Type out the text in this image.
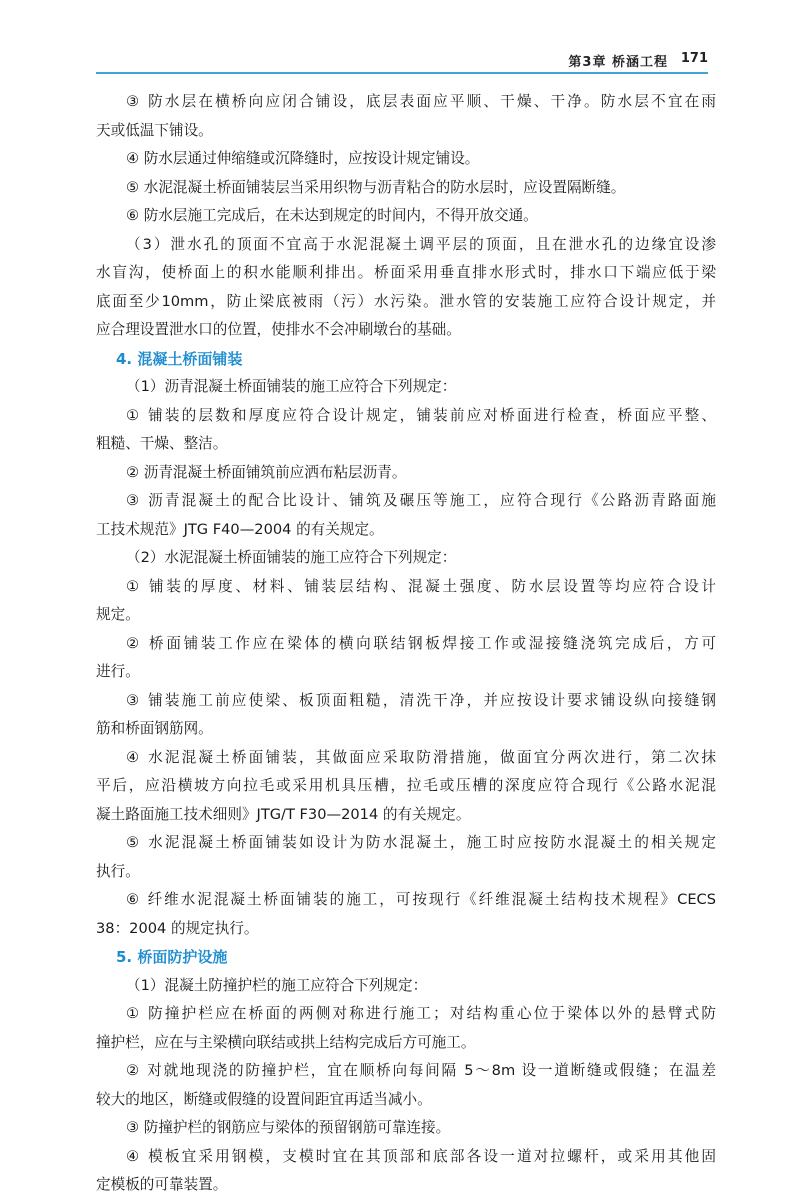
第3章 桥涵工程 171
③ 防水层在横桥向应闭合铺设，底层表面应平顺、干燥、干净。防水层不宜在雨
天或低温下铺设。
④ 防水层通过伸缩缝或沉降缝时，应按设计规定铺设。
⑤ 水泥混凝土桥面铺装层当采用织物与沥青粘合的防水层时，应设置隔断缝。
⑥ 防水层施工完成后，在未达到规定的时间内，不得开放交通。
（3）泄水孔的顶面不宜高于水泥混凝土调平层的顶面，且在泄水孔的边缘宜设渗
水盲沟，使桥面上的积水能顺利排出。桥面采用垂直排水形式时，排水口下端应低于梁
底面至少10mm，防止梁底被雨（污）水污染。泄水管的安装施工应符合设计规定，并
应合理设置泄水口的位置，使排水不会冲刷墩台的基础。
4. 混凝土桥面铺装
（1）沥青混凝土桥面铺装的施工应符合下列规定：
① 铺装的层数和厚度应符合设计规定，铺装前应对桥面进行检查，桥面应平整、
粗糙、干燥、整洁。
② 沥青混凝土桥面铺筑前应洒布粘层沥青。
③ 沥青混凝土的配合比设计、铺筑及碾压等施工，应符合现行《公路沥青路面施
工技术规范》JTG F40—2004 的有关规定。
（2）水泥混凝土桥面铺装的施工应符合下列规定：
① 铺装的厚度、材料、铺装层结构、混凝土强度、防水层设置等均应符合设计
规定。
② 桥面铺装工作应在梁体的横向联结钢板焊接工作或湿接缝浇筑完成后，方可
进行。
③ 铺装施工前应使梁、板顶面粗糙，清洗干净，并应按设计要求铺设纵向接缝钢
筋和桥面钢筋网。
④ 水泥混凝土桥面铺装，其做面应采取防滑措施，做面宜分两次进行，第二次抹
平后，应沿横坡方向拉毛或采用机具压槽，拉毛或压槽的深度应符合现行《公路水泥混
凝土路面施工技术细则》JTG/T F30—2014 的有关规定。
⑤ 水泥混凝土桥面铺装如设计为防水混凝土，施工时应按防水混凝土的相关规定
执行。
⑥ 纤维水泥混凝土桥面铺装的施工，可按现行《纤维混凝土结构技术规程》CECS
38：2004 的规定执行。
5. 桥面防护设施
（1）混凝土防撞护栏的施工应符合下列规定：
① 防撞护栏应在桥面的两侧对称进行施工；对结构重心位于梁体以外的悬臂式防
撞护栏，应在与主梁横向联结或拱上结构完成后方可施工。
② 对就地现浇的防撞护栏，宜在顺桥向每间隔 5～8m 设一道断缝或假缝；在温差
较大的地区，断缝或假缝的设置间距宜再适当减小。
③ 防撞护栏的钢筋应与梁体的预留钢筋可靠连接。
④ 模板宜采用钢模，支模时宜在其顶部和底部各设一道对拉螺杆，或采用其他固
定模板的可靠装置。
